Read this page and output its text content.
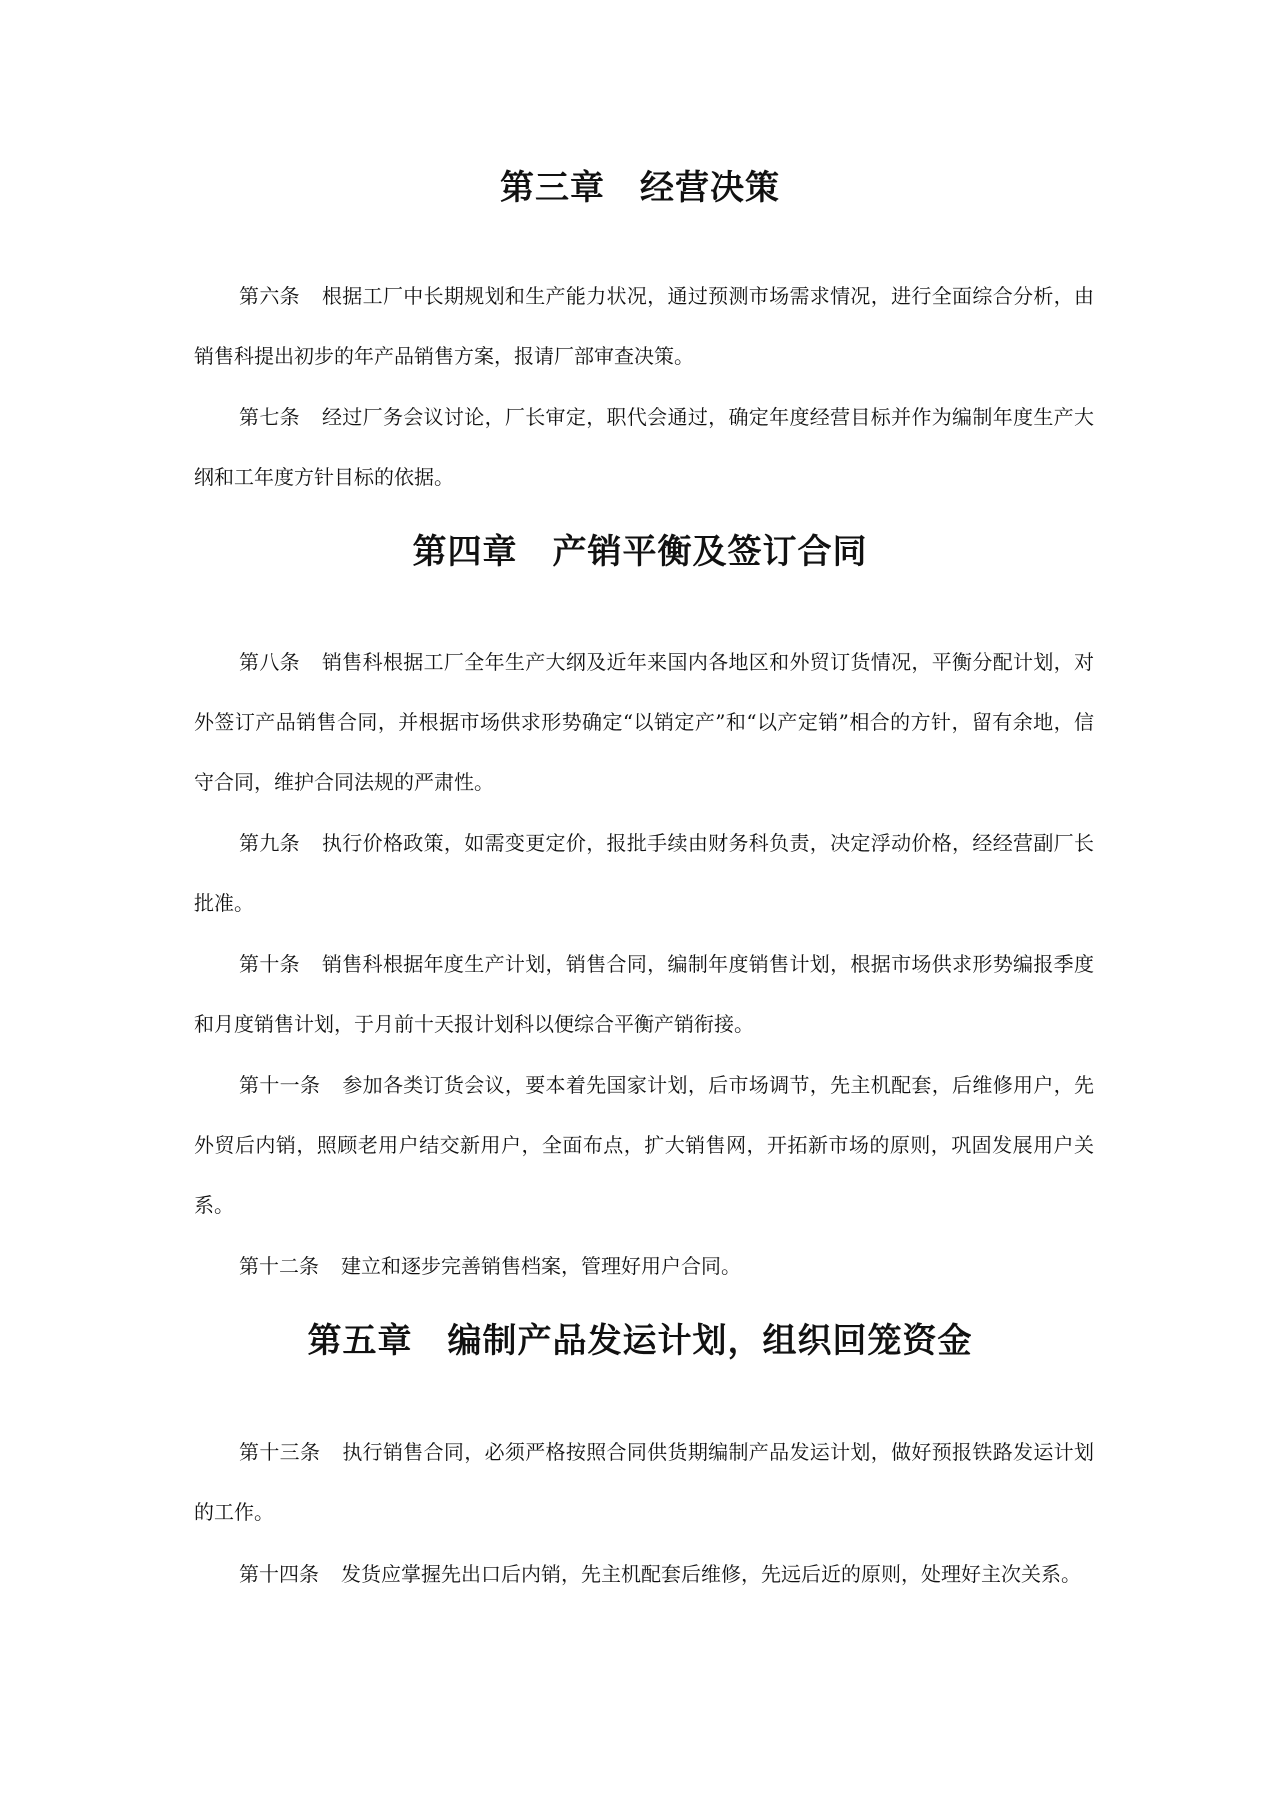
第三章　经营决策

第六条 根据工厂中长期规划和生产能力状况，通过预测市场需求情况，进行全面综合分析，由销售科提出初步的年产品销售方案，报请厂部审查决策。

第七条 经过厂务会议讨论，厂长审定，职代会通过，确定年度经营目标并作为编制年度生产大纲和工年度方针目标的依据。

第四章　产销平衡及签订合同

第八条 销售科根据工厂全年生产大纲及近年来国内各地区和外贸订货情况，平衡分配计划，对外签订产品销售合同，并根据市场供求形势确定“以销定产”和“以产定销”相合的方针，留有余地，信守合同，维护合同法规的严肃性。

第九条 执行价格政策，如需变更定价，报批手续由财务科负责，决定浮动价格，经经营副厂长批准。

第十条 销售科根据年度生产计划，销售合同，编制年度销售计划，根据市场供求形势编报季度和月度销售计划，于月前十天报计划科以便综合平衡产销衔接。

第十一条 参加各类订货会议，要本着先国家计划，后市场调节，先主机配套，后维修用户，先外贸后内销，照顾老用户结交新用户，全面布点，扩大销售网，开拓新市场的原则，巩固发展用户关系。

第十二条 建立和逐步完善销售档案，管理好用户合同。

第五章　编制产品发运计划，组织回笼资金

第十三条 执行销售合同，必须严格按照合同供货期编制产品发运计划，做好预报铁路发运计划的工作。

第十四条 发货应掌握先出口后内销，先主机配套后维修，先远后近的原则，处理好主次关系。
